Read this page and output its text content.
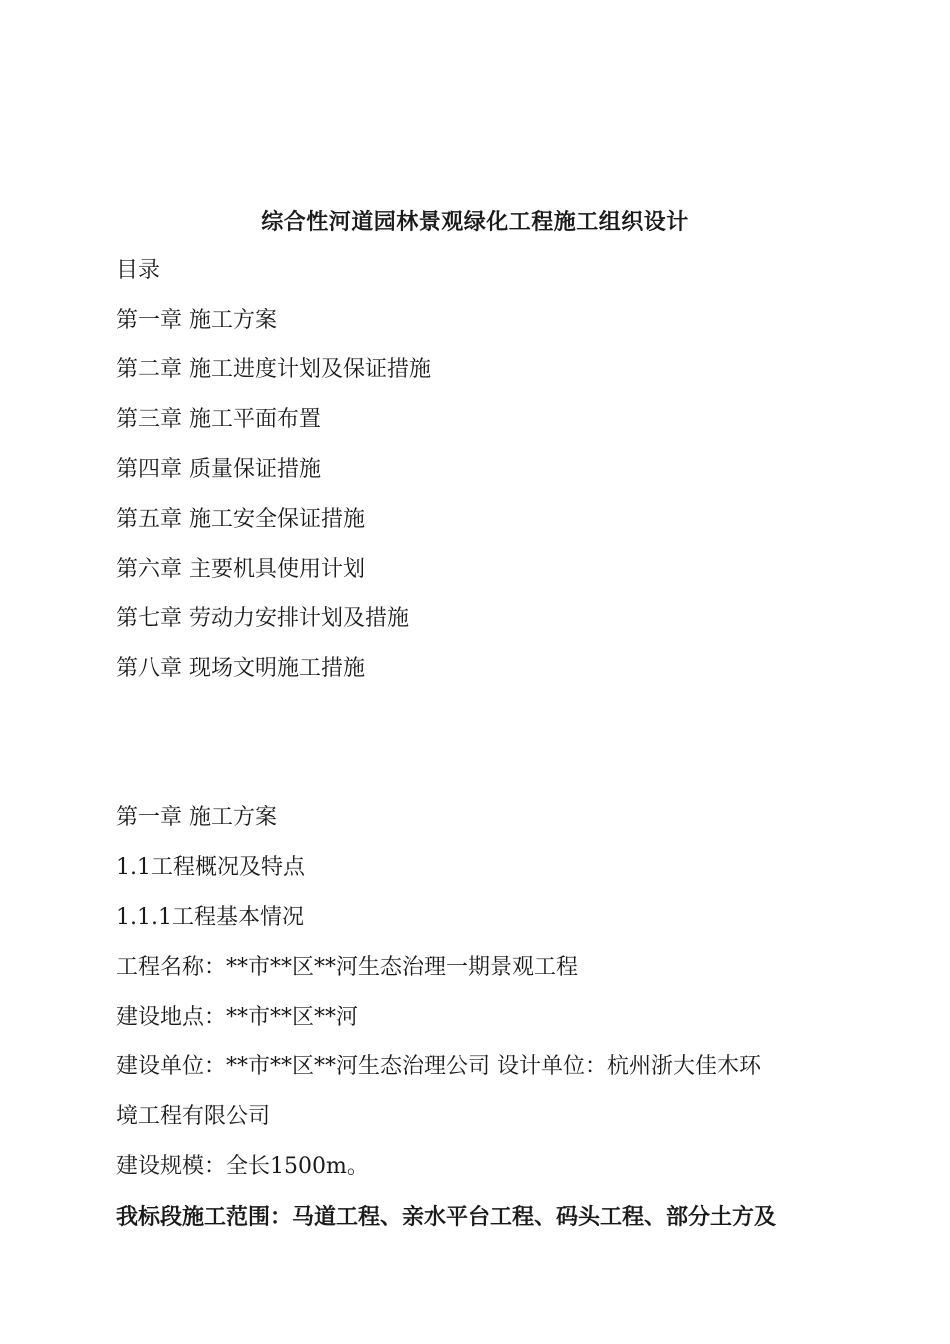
综合性河道园林景观绿化工程施工组织设计
目录
第一章 施工方案
第二章 施工进度计划及保证措施
第三章 施工平面布置
第四章 质量保证措施
第五章 施工安全保证措施
第六章 主要机具使用计划
第七章 劳动力安排计划及措施
第八章 现场文明施工措施
第一章 施工方案
1.1工程概况及特点
1.1.1工程基本情况
工程名称：**市**区**河生态治理一期景观工程
建设地点：**市**区**河
建设单位：**市**区**河生态治理公司 设计单位：杭州浙大佳木环
境工程有限公司
建设规模：全长1500m。
我标段施工范围：马道工程、亲水平台工程、码头工程、部分土方及
